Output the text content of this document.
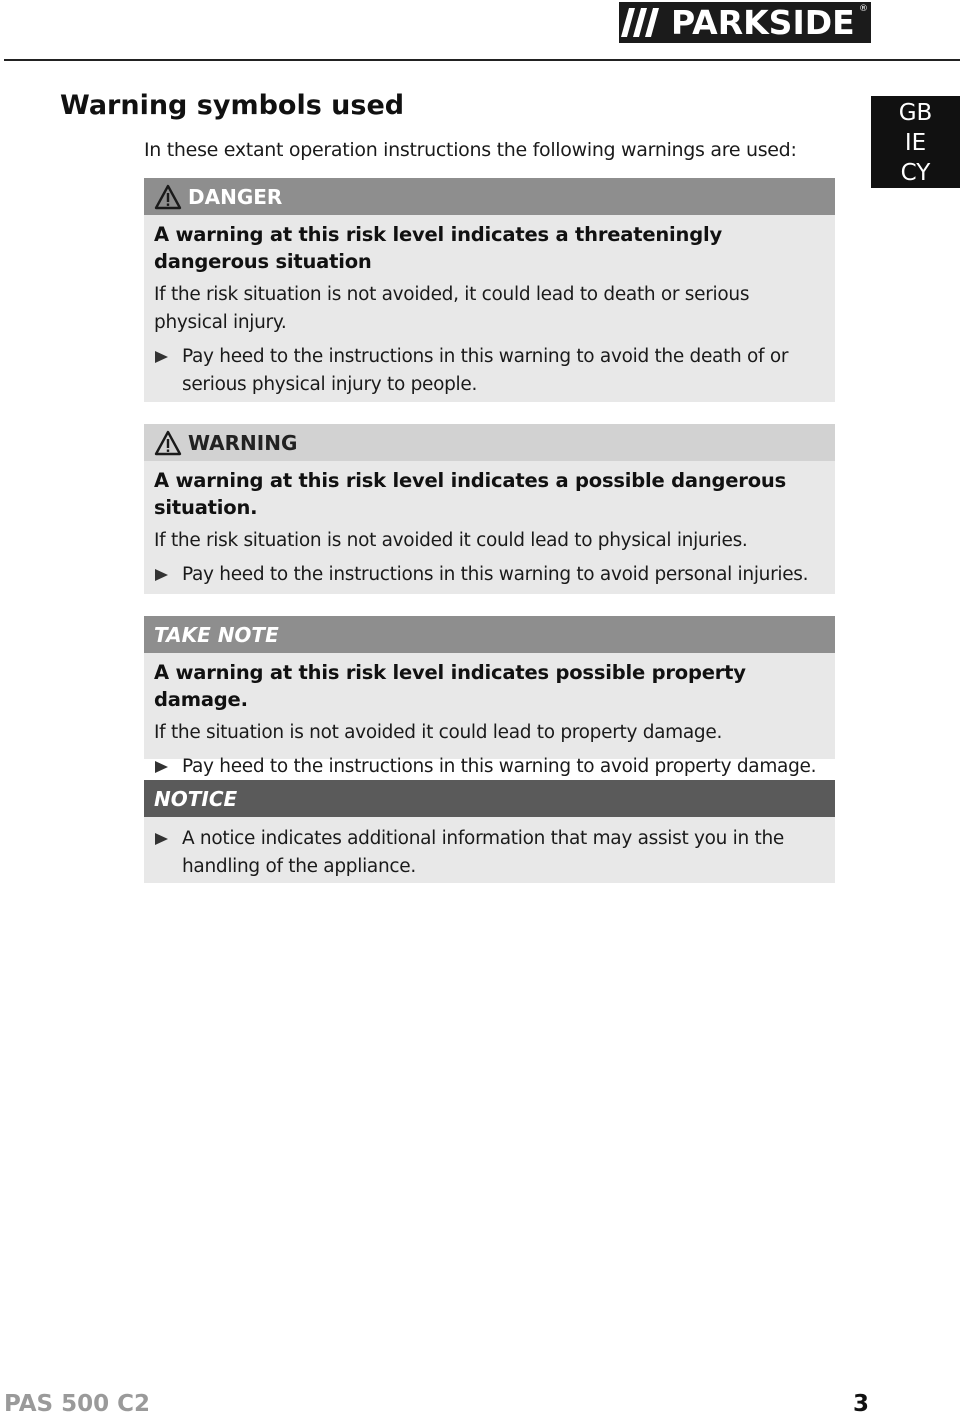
PARKSIDE ®
GB
IE
CY
Warning symbols used

In these extant operation instructions the following warnings are used:

DANGER

A warning at this risk level indicates a threateningly dangerous situation

If the risk situation is not avoided, it could lead to death or serious physical injury.

Pay heed to the instructions in this warning to avoid the death of or serious physical injury to people.

WARNING

A warning at this risk level indicates a possible dangerous situation.

If the risk situation is not avoided it could lead to physical injuries.

Pay heed to the instructions in this warning to avoid personal injuries.

TAKE NOTE

A warning at this risk level indicates possible property damage.

If the situation is not avoided it could lead to property damage.

Pay heed to the instructions in this warning to avoid property damage.

NOTICE

A notice indicates additional information that may assist you in the handling of the appliance.

PAS 500 C2	3
